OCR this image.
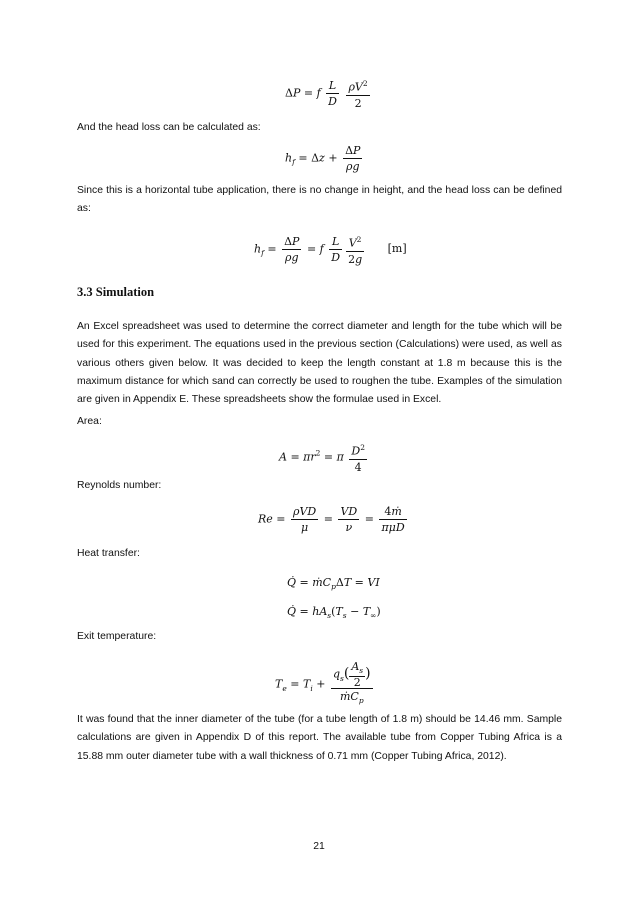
ΔP = f $\frac{L}{D}$
$\frac{\rho V^2}{2}$

And the head loss can be calculated as:

$h_f = \Delta z + \frac{\Delta P}{\rho g}$

Since this is a horizontal tube application, there is no change in height, and the head loss can be defined as:

$h_f = \frac{\Delta P}{\rho g} = f \frac{L}{D} \frac{V^2}{2g} [m]$
3.3 Simulation

An Excel spreadsheet was used to determine the correct diameter and length for the tube which will be used for this experiment. The equations used in the previous section (Calculations) were used, as well as various others given below. It was decided to keep the length constant at 1.8 m because this is the maximum distance for which sand can correctly be used to roughen the tube. Examples of the simulation are given in Appendix E. These spreadsheets show the formulae used in Excel.

Area:

$A = \pi r^2 = \pi \frac{D^2}{4}$

Reynolds number:

$Re = \frac{\text{ρVD}}{\mu} = \frac{VD}{\nu} = \frac{\text{4ṁ}}{\text{πμD}}$

Heat transfer:

Q̇ = ṁC$_p$ΔT = VI
Q̇ = $hA_s(T_s - T_\infty)$

Exit temperature:

$T_e = T_i + \frac{q_s( \frac{A_s}{2} )}{ṁC_p}$

It was found that the inner diameter of the tube (for a tube length of 1.8 m) should be 14.46 mm. Sample calculations are given in Appendix D of this report. The available tube from Copper Tubing Africa is a 15.88 mm outer diameter tube with a wall thickness of 0.71 mm (Copper Tubing Africa, 2012).

21
